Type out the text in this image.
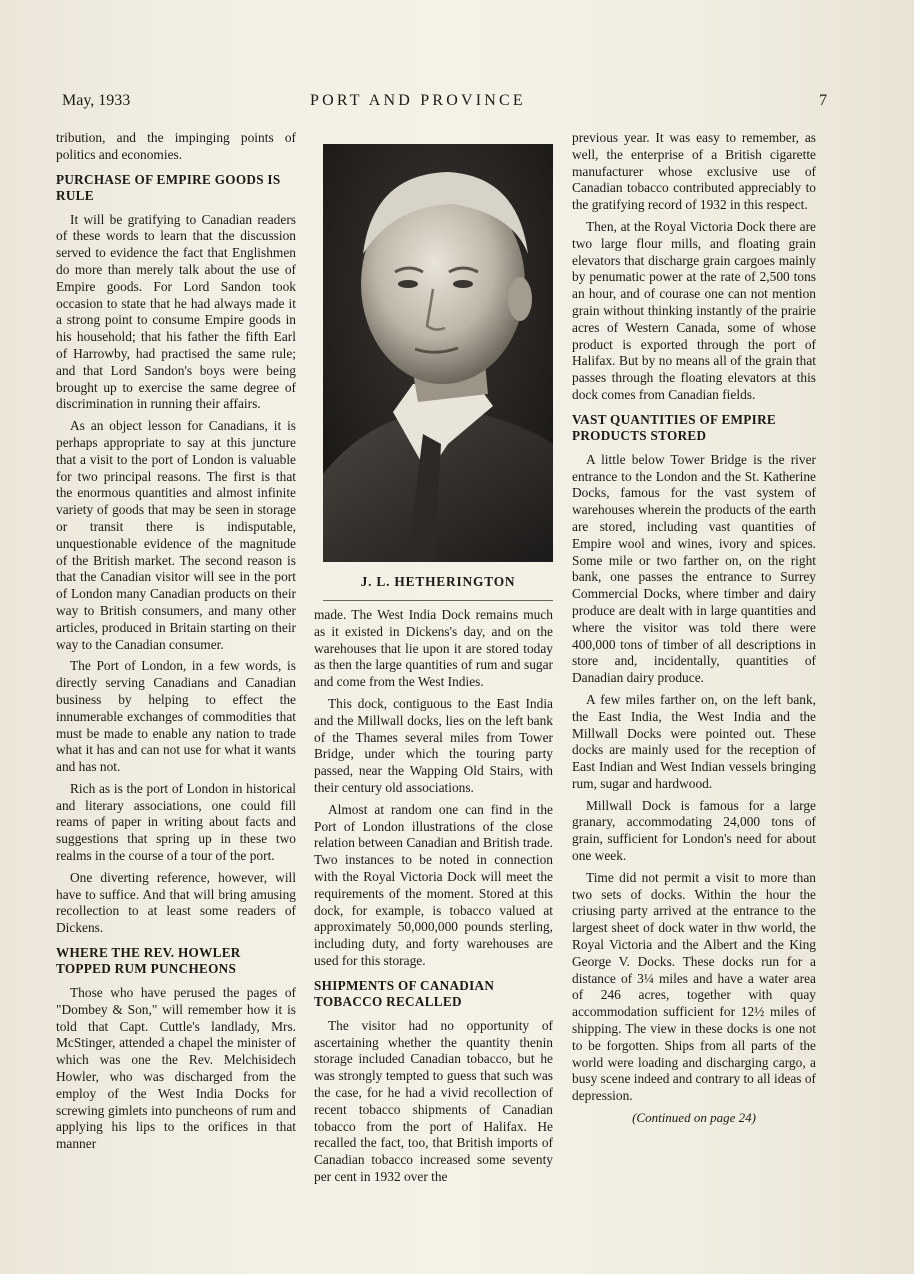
May, 1933	PORT AND PROVINCE	7

tribution, and the impinging points of politics and economies.

PURCHASE OF EMPIRE GOODS IS RULE

It will be gratifying to Canadian readers of these words to learn that the discussion served to evidence the fact that Englishmen do more than merely talk about the use of Empire goods. For Lord Sandon took occasion to state that he had always made it a strong point to consume Empire goods in his household; that his father the fifth Earl of Harrowby, had practised the same rule; and that Lord Sandon's boys were being brought up to exercise the same degree of discrimination in running their affairs.

As an object lesson for Canadians, it is perhaps appropriate to say at this juncture that a visit to the port of London is valuable for two principal reasons. The first is that the enormous quantities and almost infinite variety of goods that may be seen in storage or transit there is indisputable, unquestionable evidence of the magnitude of the British market. The second reason is that the Canadian visitor will see in the port of London many Canadian products on their way to British consumers, and many other articles, produced in Britain starting on their way to the Canadian consumer.

The Port of London, in a few words, is directly serving Canadians and Canadian business by helping to effect the innumerable exchanges of commodities that must be made to enable any nation to trade what it has and can not use for what it wants and has not.

Rich as is the port of London in historical and literary associations, one could fill reams of paper in writing about facts and suggestions that spring up in these two realms in the course of a tour of the port.

One diverting reference, however, will have to suffice. And that will bring amusing recollection to at least some readers of Dickens.

WHERE THE REV. HOWLER TOPPED RUM PUNCHEONS

Those who have perused the pages of "Dombey & Son," will remember how it is told that Capt. Cuttle's landlady, Mrs. McStinger, attended a chapel the minister of which was one the Rev. Melchisidech Howler, who was discharged from the employ of the West India Docks for screwing gimlets into puncheons of rum and applying his lips to the orifices in that manner

J. L. HETHERINGTON

made. The West India Dock remains much as it existed in Dickens's day, and on the warehouses that lie upon it are stored today as then the large quantities of rum and sugar and come from the West Indies.

This dock, contiguous to the East India and the Millwall docks, lies on the left bank of the Thames several miles from Tower Bridge, under which the touring party passed, near the Wapping Old Stairs, with their century old associations.

Almost at random one can find in the Port of London illustrations of the close relation between Canadian and British trade. Two instances to be noted in connection with the Royal Victoria Dock will meet the requirements of the moment. Stored at this dock, for example, is tobacco valued at approximately 50,000,000 pounds sterling, including duty, and forty warehouses are used for this storage.

SHIPMENTS OF CANADIAN TOBACCO RECALLED

The visitor had no opportunity of ascertaining whether the quantity thenin storage included Canadian tobacco, but he was strongly tempted to guess that such was the case, for he had a vivid recollection of recent tobacco shipments of Canadian tobacco from the port of Halifax. He recalled the fact, too, that British imports of Canadian tobacco increased some seventy per cent in 1932 over the

previous year. It was easy to remember, as well, the enterprise of a British cigarette manufacturer whose exclusive use of Canadian tobacco contributed appreciably to the gratifying record of 1932 in this respect.

Then, at the Royal Victoria Dock there are two large flour mills, and floating grain elevators that discharge grain cargoes mainly by penumatic power at the rate of 2,500 tons an hour, and of courase one can not mention grain without thinking instantly of the prairie acres of Western Canada, some of whose product is exported through the port of Halifax. But by no means all of the grain that passes through the floating elevators at this dock comes from Canadian fields.

VAST QUANTITIES OF EMPIRE PRODUCTS STORED

A little below Tower Bridge is the river entrance to the London and the St. Katherine Docks, famous for the vast system of warehouses wherein the products of the earth are stored, including vast quantities of Empire wool and wines, ivory and spices. Some mile or two farther on, on the right bank, one passes the entrance to Surrey Commercial Docks, where timber and dairy produce are dealt with in large quantities and where the visitor was told there were 400,000 tons of timber of all descriptions in store and, incidentally, quantities of Danadian dairy produce.

A few miles farther on, on the left bank, the East India, the West India and the Millwall Docks were pointed out. These docks are mainly used for the reception of East Indian and West Indian vessels bringing rum, sugar and hardwood.

Millwall Dock is famous for a large granary, accommodating 24,000 tons of grain, sufficient for London's need for about one week.

Time did not permit a visit to more than two sets of docks. Within the hour the criusing party arrived at the entrance to the largest sheet of dock water in thw world, the Royal Victoria and the Albert and the King George V. Docks. These docks run for a distance of 3¼ miles and have a water area of 246 acres, together with quay accommodation sufficient for 12½ miles of shipping. The view in these docks is one not to be forgotten. Ships from all parts of the world were loading and discharging cargo, a busy scene indeed and contrary to all ideas of depression.

(Continued on page 24)
